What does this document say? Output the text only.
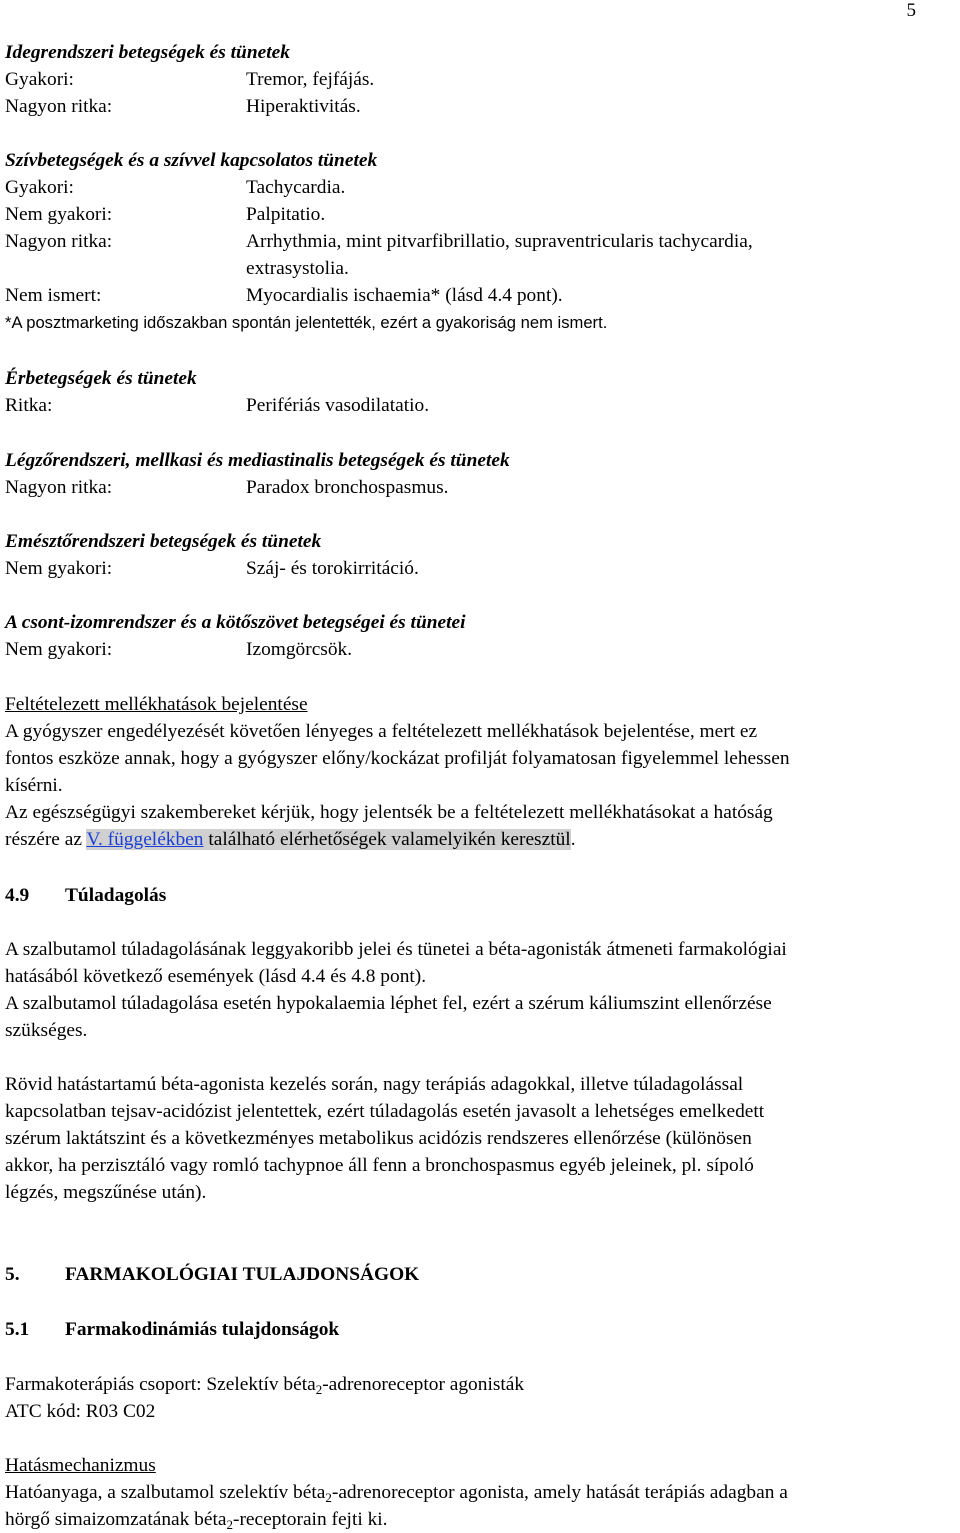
5
Idegrendszeri betegségek és tünetek
Gyakori:	Tremor, fejfájás.
Nagyon ritka:	Hiperaktivitás.
Szívbetegségek és a szívvel kapcsolatos tünetek
Gyakori:	Tachycardia.
Nem gyakori:	Palpitatio.
Nagyon ritka:	Arrhythmia, mint pitvarfibrillatio, supraventricularis tachycardia,
extrasystolia.
Nem ismert:	Myocardialis ischaemia* (lásd 4.4 pont).
*A posztmarketing időszakban spontán jelentették, ezért a gyakoriság nem ismert.
Érbetegségek és tünetek
Ritka:	Perifériás vasodilatatio.
Légzőrendszeri, mellkasi és mediastinalis betegségek és tünetek
Nagyon ritka:	Paradox bronchospasmus.
Emésztőrendszeri betegségek és tünetek
Nem gyakori:	Száj- és torokirritáció.
A csont-izomrendszer és a kötőszövet betegségei és tünetei
Nem gyakori:	Izomgörcsök.
Feltételezett mellékhatások bejelentése
A gyógyszer engedélyezését követően lényeges a feltételezett mellékhatások bejelentése, mert ez
fontos eszköze annak, hogy a gyógyszer előny/kockázat profilját folyamatosan figyelemmel lehessen
kísérni.
Az egészségügyi szakembereket kérjük, hogy jelentsék be a feltételezett mellékhatásokat a hatóság
részére az V. függelékben található elérhetőségek valamelyikén keresztül.
4.9 Túladagolás
A szalbutamol túladagolásának leggyakoribb jelei és tünetei a béta-agonisták átmeneti farmakológiai
hatásából következő események (lásd 4.4 és 4.8 pont).
A szalbutamol túladagolása esetén hypokalaemia léphet fel, ezért a szérum káliumszint ellenőrzése
szükséges.
Rövid hatástartamú béta-agonista kezelés során, nagy terápiás adagokkal, illetve túladagolással
kapcsolatban tejsav-acidózist jelentettek, ezért túladagolás esetén javasolt a lehetséges emelkedett
szérum laktátszint és a következményes metabolikus acidózis rendszeres ellenőrzése (különösen
akkor, ha perzisztáló vagy romló tachypnoe áll fenn a bronchospasmus egyéb jeleinek, pl. sípoló
légzés, megszűnése után).
5. FARMAKOLÓGIAI TULAJDONSÁGOK
5.1 Farmakodinámiás tulajdonságok
Farmakoterápiás csoport: Szelektív béta$_2$-adrenoreceptor agonisták
ATC kód: R03 C02
Hatásmechanizmus
Hatóanyaga, a szalbutamol szelektív béta$_2$-adrenoreceptor agonista, amely hatását terápiás adagban a
hörgő simaizomzatának béta$_2$-receptorain fejti ki.
